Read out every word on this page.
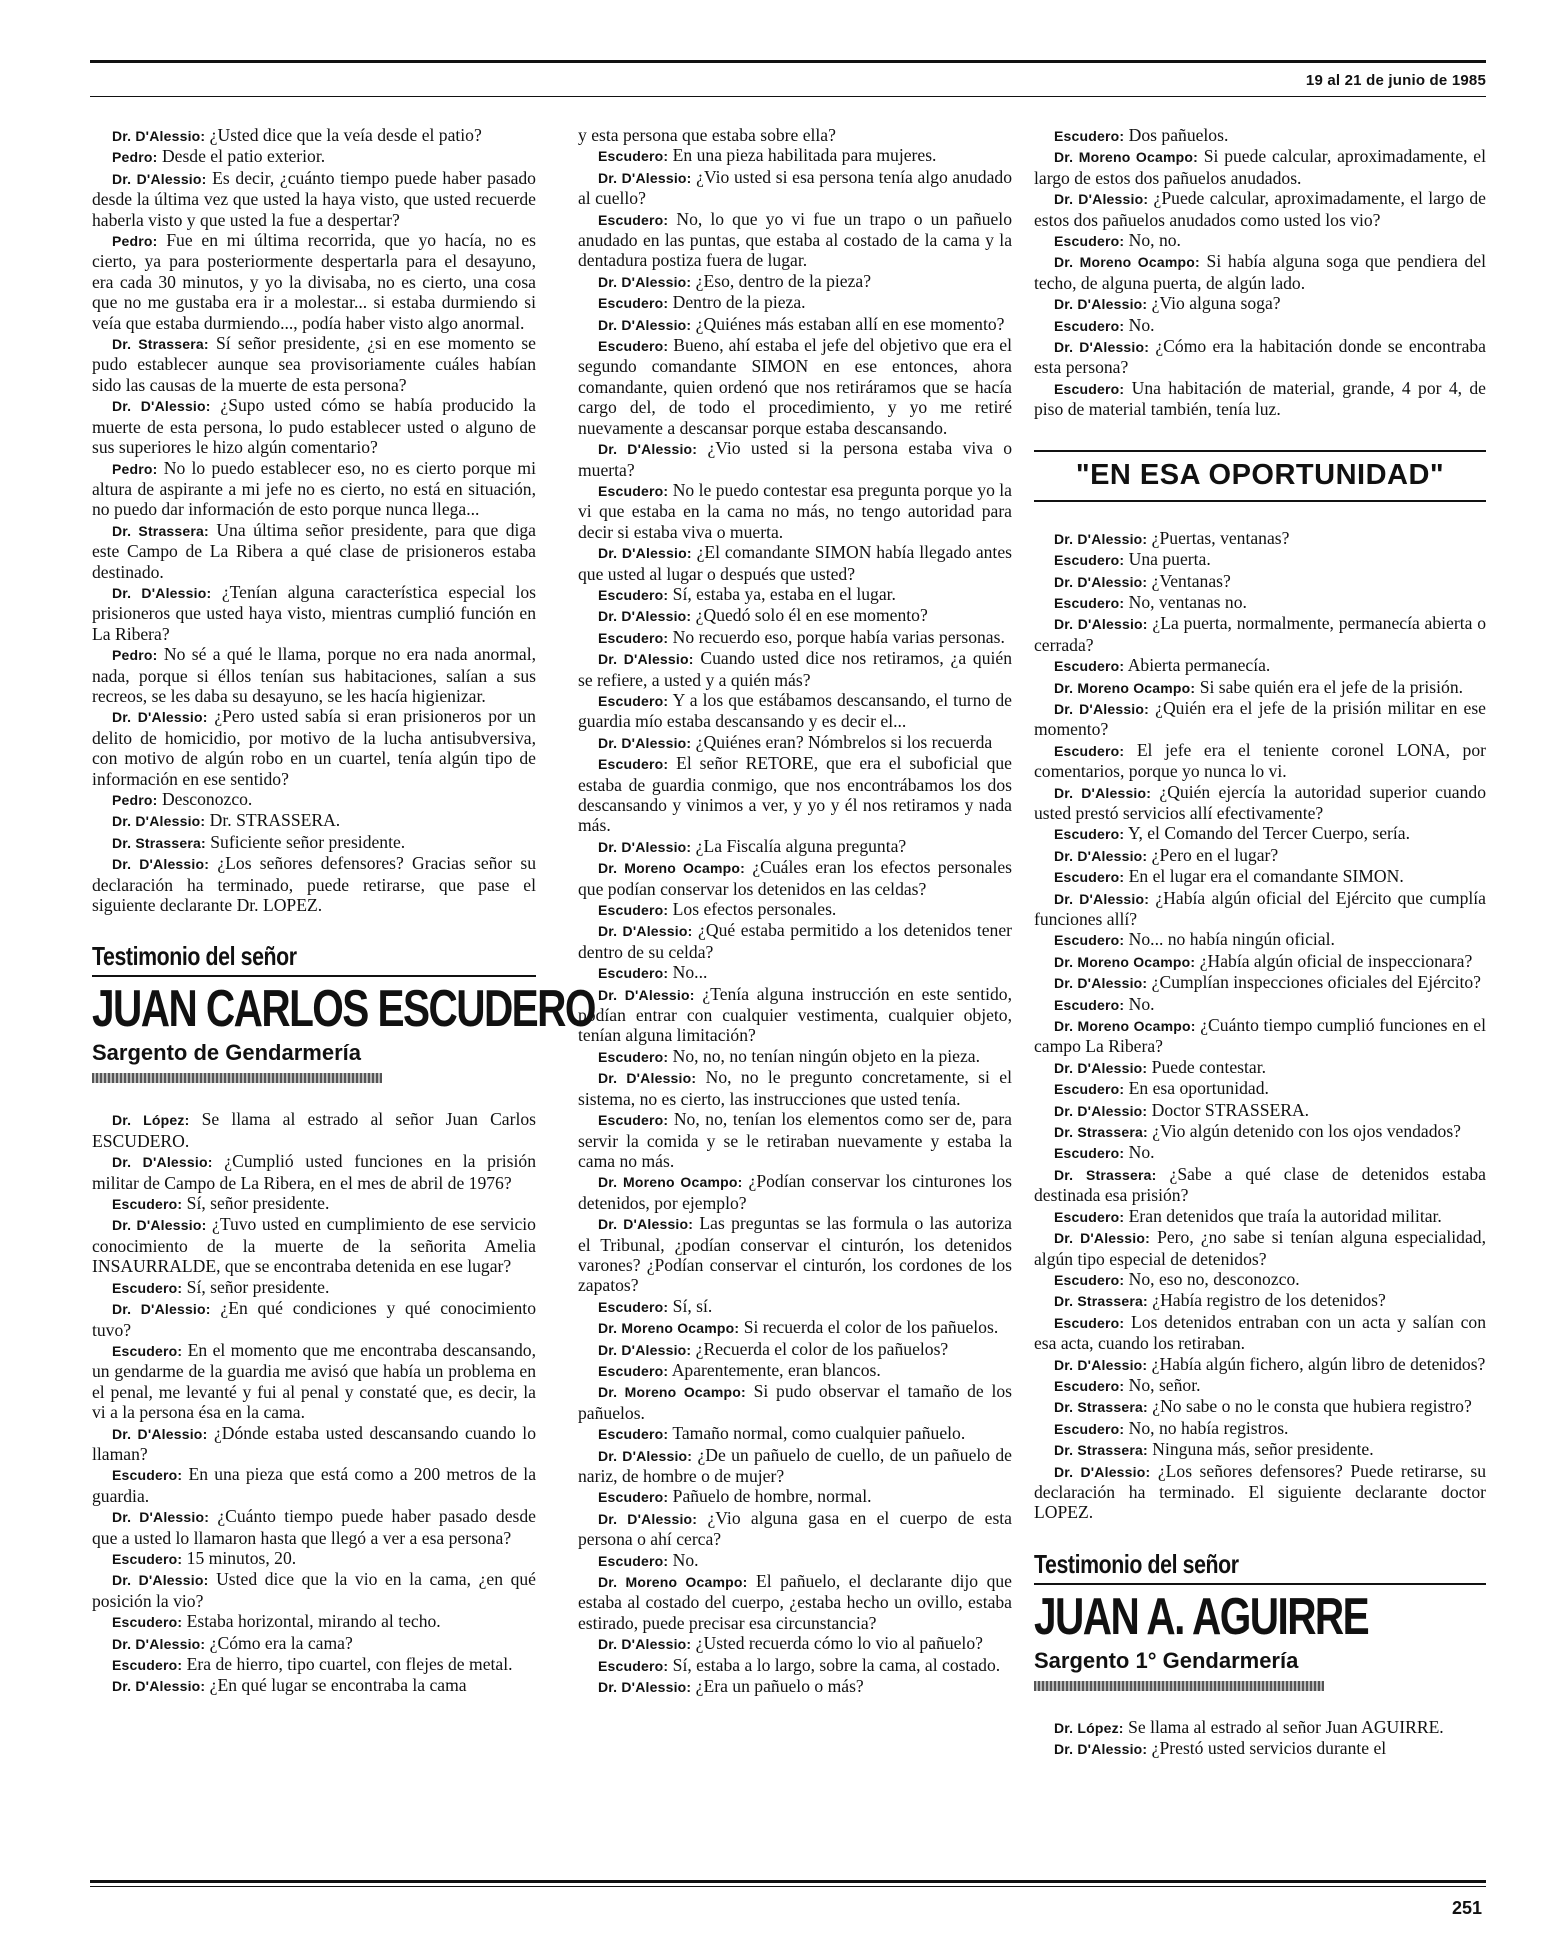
19 al 21 de junio de 1985

Dr. D'Alessio: ¿Usted dice que la veía desde el patio?

Pedro: Desde el patio exterior.

Dr. D'Alessio: Es decir, ¿cuánto tiempo puede haber pasado desde la última vez que usted la haya visto, que usted recuerde haberla visto y que usted la fue a despertar?

Pedro: Fue en mi última recorrida, que yo hacía, no es cierto, ya para posteriormente despertarla para el desayuno, era cada 30 minutos, y yo la divisaba, no es cierto, una cosa que no me gustaba era ir a molestar... si estaba durmiendo si veía que estaba durmiendo..., podía haber visto algo anormal.

Dr. Strassera: Sí señor presidente, ¿si en ese momento se pudo establecer aunque sea provisoriamente cuáles habían sido las causas de la muerte de esta persona?

Dr. D'Alessio: ¿Supo usted cómo se había producido la muerte de esta persona, lo pudo establecer usted o alguno de sus superiores le hizo algún comentario?

Pedro: No lo puedo establecer eso, no es cierto porque mi altura de aspirante a mi jefe no es cierto, no está en situación, no puedo dar información de esto porque nunca llega...

Dr. Strassera: Una última señor presidente, para que diga este Campo de La Ribera a qué clase de prisioneros estaba destinado.

Dr. D'Alessio: ¿Tenían alguna característica especial los prisioneros que usted haya visto, mientras cumplió función en La Ribera?

Pedro: No sé a qué le llama, porque no era nada anormal, nada, porque si éllos tenían sus habitaciones, salían a sus recreos, se les daba su desayuno, se les hacía higienizar.

Dr. D'Alessio: ¿Pero usted sabía si eran prisioneros por un delito de homicidio, por motivo de la lucha antisubversiva, con motivo de algún robo en un cuartel, tenía algún tipo de información en ese sentido?

Pedro: Desconozco.

Dr. D'Alessio: Dr. STRASSERA.

Dr. Strassera: Suficiente señor presidente.

Dr. D'Alessio: ¿Los señores defensores? Gracias señor su declaración ha terminado, puede retirarse, que pase el siguiente declarante Dr. LOPEZ.

Testimonio del señor
JUAN CARLOS ESCUDERO
Sargento de Gendarmería

Dr. López: Se llama al estrado al señor Juan Carlos ESCUDERO.

Dr. D'Alessio: ¿Cumplió usted funciones en la prisión militar de Campo de La Ribera, en el mes de abril de 1976?

Escudero: Sí, señor presidente.

Dr. D'Alessio: ¿Tuvo usted en cumplimiento de ese servicio conocimiento de la muerte de la señorita Amelia INSAURRALDE, que se encontraba detenida en ese lugar?

Escudero: Sí, señor presidente.

Dr. D'Alessio: ¿En qué condiciones y qué conocimiento tuvo?

Escudero: En el momento que me encontraba descansando, un gendarme de la guardia me avisó que había un problema en el penal, me levanté y fui al penal y constaté que, es decir, la vi a la persona ésa en la cama.

Dr. D'Alessio: ¿Dónde estaba usted descansando cuando lo llaman?

Escudero: En una pieza que está como a 200 metros de la guardia.

Dr. D'Alessio: ¿Cuánto tiempo puede haber pasado desde que a usted lo llamaron hasta que llegó a ver a esa persona?

Escudero: 15 minutos, 20.

Dr. D'Alessio: Usted dice que la vio en la cama, ¿en qué posición la vio?

Escudero: Estaba horizontal, mirando al techo.

Dr. D'Alessio: ¿Cómo era la cama?

Escudero: Era de hierro, tipo cuartel, con flejes de metal.

Dr. D'Alessio: ¿En qué lugar se encontraba la cama

y esta persona que estaba sobre ella?

Escudero: En una pieza habilitada para mujeres.

Dr. D'Alessio: ¿Vio usted si esa persona tenía algo anudado al cuello?

Escudero: No, lo que yo vi fue un trapo o un pañuelo anudado en las puntas, que estaba al costado de la cama y la dentadura postiza fuera de lugar.

Dr. D'Alessio: ¿Eso, dentro de la pieza?

Escudero: Dentro de la pieza.

Dr. D'Alessio: ¿Quiénes más estaban allí en ese momento?

Escudero: Bueno, ahí estaba el jefe del objetivo que era el segundo comandante SIMON en ese entonces, ahora comandante, quien ordenó que nos retiráramos que se hacía cargo del, de todo el procedimiento, y yo me retiré nuevamente a descansar porque estaba descansando.

Dr. D'Alessio: ¿Vio usted si la persona estaba viva o muerta?

Escudero: No le puedo contestar esa pregunta porque yo la vi que estaba en la cama no más, no tengo autoridad para decir si estaba viva o muerta.

Dr. D'Alessio: ¿El comandante SIMON había llegado antes que usted al lugar o después que usted?

Escudero: Sí, estaba ya, estaba en el lugar.

Dr. D'Alessio: ¿Quedó solo él en ese momento?

Escudero: No recuerdo eso, porque había varias personas.

Dr. D'Alessio: Cuando usted dice nos retiramos, ¿a quién se refiere, a usted y a quién más?

Escudero: Y a los que estábamos descansando, el turno de guardia mío estaba descansando y es decir el...

Dr. D'Alessio: ¿Quiénes eran? Nómbrelos si los recuerda

Escudero: El señor RETORE, que era el suboficial que estaba de guardia conmigo, que nos encontrábamos los dos descansando y vinimos a ver, y yo y él nos retiramos y nada más.

Dr. D'Alessio: ¿La Fiscalía alguna pregunta?

Dr. Moreno Ocampo: ¿Cuáles eran los efectos personales que podían conservar los detenidos en las celdas?

Escudero: Los efectos personales.

Dr. D'Alessio: ¿Qué estaba permitido a los detenidos tener dentro de su celda?

Escudero: No...

Dr. D'Alessio: ¿Tenía alguna instrucción en este sentido, podían entrar con cualquier vestimenta, cualquier objeto, tenían alguna limitación?

Escudero: No, no, no tenían ningún objeto en la pieza.

Dr. D'Alessio: No, no le pregunto concretamente, si el sistema, no es cierto, las instrucciones que usted tenía.

Escudero: No, no, tenían los elementos como ser de, para servir la comida y se le retiraban nuevamente y estaba la cama no más.

Dr. Moreno Ocampo: ¿Podían conservar los cinturones los detenidos, por ejemplo?

Dr. D'Alessio: Las preguntas se las formula o las autoriza el Tribunal, ¿podían conservar el cinturón, los detenidos varones? ¿Podían conservar el cinturón, los cordones de los zapatos?

Escudero: Sí, sí.

Dr. Moreno Ocampo: Si recuerda el color de los pañuelos.

Dr. D'Alessio: ¿Recuerda el color de los pañuelos?

Escudero: Aparentemente, eran blancos.

Dr. Moreno Ocampo: Si pudo observar el tamaño de los pañuelos.

Escudero: Tamaño normal, como cualquier pañuelo.

Dr. D'Alessio: ¿De un pañuelo de cuello, de un pañuelo de nariz, de hombre o de mujer?

Escudero: Pañuelo de hombre, normal.

Dr. D'Alessio: ¿Vio alguna gasa en el cuerpo de esta persona o ahí cerca?

Escudero: No.

Dr. Moreno Ocampo: El pañuelo, el declarante dijo que estaba al costado del cuerpo, ¿estaba hecho un ovillo, estaba estirado, puede precisar esa circunstancia?

Dr. D'Alessio: ¿Usted recuerda cómo lo vio al pañuelo?

Escudero: Sí, estaba a lo largo, sobre la cama, al costado.

Dr. D'Alessio: ¿Era un pañuelo o más?

Escudero: Dos pañuelos.

Dr. Moreno Ocampo: Si puede calcular, aproximadamente, el largo de estos dos pañuelos anudados.

Dr. D'Alessio: ¿Puede calcular, aproximadamente, el largo de estos dos pañuelos anudados como usted los vio?

Escudero: No, no.

Dr. Moreno Ocampo: Si había alguna soga que pendiera del techo, de alguna puerta, de algún lado.

Dr. D'Alessio: ¿Vio alguna soga?

Escudero: No.

Dr. D'Alessio: ¿Cómo era la habitación donde se encontraba esta persona?

Escudero: Una habitación de material, grande, 4 por 4, de piso de material también, tenía luz.

"EN ESA OPORTUNIDAD"

Dr. D'Alessio: ¿Puertas, ventanas?

Escudero: Una puerta.

Dr. D'Alessio: ¿Ventanas?

Escudero: No, ventanas no.

Dr. D'Alessio: ¿La puerta, normalmente, permanecía abierta o cerrada?

Escudero: Abierta permanecía.

Dr. Moreno Ocampo: Si sabe quién era el jefe de la prisión.

Dr. D'Alessio: ¿Quién era el jefe de la prisión militar en ese momento?

Escudero: El jefe era el teniente coronel LONA, por comentarios, porque yo nunca lo vi.

Dr. D'Alessio: ¿Quién ejercía la autoridad superior cuando usted prestó servicios allí efectivamente?

Escudero: Y, el Comando del Tercer Cuerpo, sería.

Dr. D'Alessio: ¿Pero en el lugar?

Escudero: En el lugar era el comandante SIMON.

Dr. D'Alessio: ¿Había algún oficial del Ejército que cumplía funciones allí?

Escudero: No... no había ningún oficial.

Dr. Moreno Ocampo: ¿Había algún oficial de inspeccionara?

Dr. D'Alessio: ¿Cumplían inspecciones oficiales del Ejército?

Escudero: No.

Dr. Moreno Ocampo: ¿Cuánto tiempo cumplió funciones en el campo La Ribera?

Dr. D'Alessio: Puede contestar.

Escudero: En esa oportunidad.

Dr. D'Alessio: Doctor STRASSERA.

Dr. Strassera: ¿Vio algún detenido con los ojos vendados?

Escudero: No.

Dr. Strassera: ¿Sabe a qué clase de detenidos estaba destinada esa prisión?

Escudero: Eran detenidos que traía la autoridad militar.

Dr. D'Alessio: Pero, ¿no sabe si tenían alguna especialidad, algún tipo especial de detenidos?

Escudero: No, eso no, desconozco.

Dr. Strassera: ¿Había registro de los detenidos?

Escudero: Los detenidos entraban con un acta y salían con esa acta, cuando los retiraban.

Dr. D'Alessio: ¿Había algún fichero, algún libro de detenidos?

Escudero: No, señor.

Dr. Strassera: ¿No sabe o no le consta que hubiera registro?

Escudero: No, no había registros.

Dr. Strassera: Ninguna más, señor presidente.

Dr. D'Alessio: ¿Los señores defensores? Puede retirarse, su declaración ha terminado. El siguiente declarante doctor LOPEZ.

Testimonio del señor
JUAN A. AGUIRRE
Sargento 1° Gendarmería

Dr. López: Se llama al estrado al señor Juan AGUIRRE.

Dr. D'Alessio: ¿Prestó usted servicios durante el

251
